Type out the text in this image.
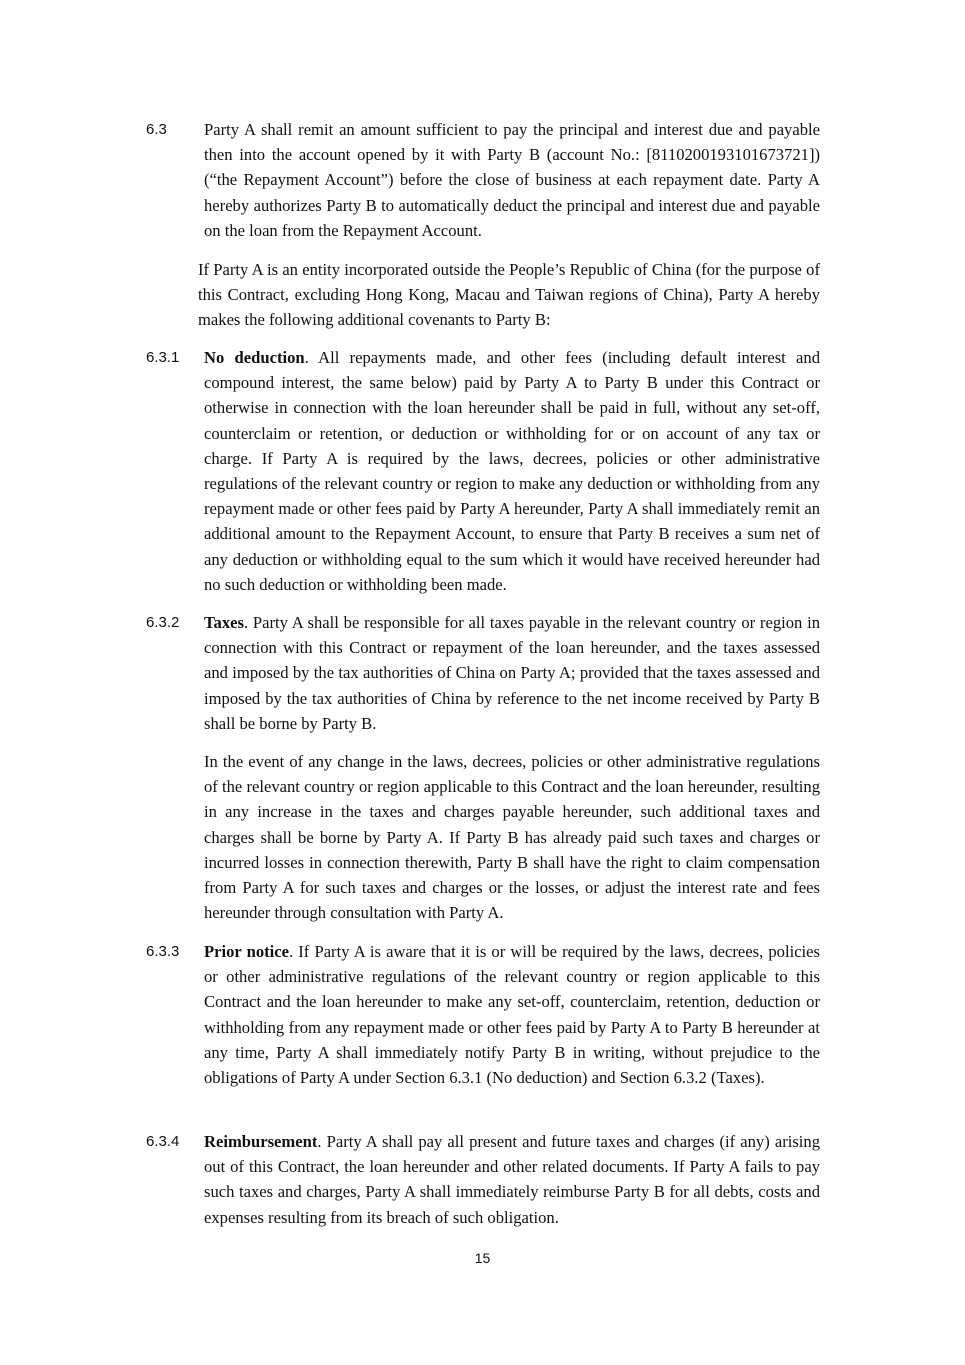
6.3 Party A shall remit an amount sufficient to pay the principal and interest due and payable then into the account opened by it with Party B (account No.: [8110200193101673721]) (“the Repayment Account”) before the close of business at each repayment date. Party A hereby authorizes Party B to automatically deduct the principal and interest due and payable on the loan from the Repayment Account.
If Party A is an entity incorporated outside the People’s Republic of China (for the purpose of this Contract, excluding Hong Kong, Macau and Taiwan regions of China), Party A hereby makes the following additional covenants to Party B:
6.3.1 No deduction. All repayments made, and other fees (including default interest and compound interest, the same below) paid by Party A to Party B under this Contract or otherwise in connection with the loan hereunder shall be paid in full, without any set-off, counterclaim or retention, or deduction or withholding for or on account of any tax or charge. If Party A is required by the laws, decrees, policies or other administrative regulations of the relevant country or region to make any deduction or withholding from any repayment made or other fees paid by Party A hereunder, Party A shall immediately remit an additional amount to the Repayment Account, to ensure that Party B receives a sum net of any deduction or withholding equal to the sum which it would have received hereunder had no such deduction or withholding been made.
6.3.2 Taxes. Party A shall be responsible for all taxes payable in the relevant country or region in connection with this Contract or repayment of the loan hereunder, and the taxes assessed and imposed by the tax authorities of China on Party A; provided that the taxes assessed and imposed by the tax authorities of China by reference to the net income received by Party B shall be borne by Party B.
In the event of any change in the laws, decrees, policies or other administrative regulations of the relevant country or region applicable to this Contract and the loan hereunder, resulting in any increase in the taxes and charges payable hereunder, such additional taxes and charges shall be borne by Party A. If Party B has already paid such taxes and charges or incurred losses in connection therewith, Party B shall have the right to claim compensation from Party A for such taxes and charges or the losses, or adjust the interest rate and fees hereunder through consultation with Party A.
6.3.3 Prior notice. If Party A is aware that it is or will be required by the laws, decrees, policies or other administrative regulations of the relevant country or region applicable to this Contract and the loan hereunder to make any set-off, counterclaim, retention, deduction or withholding from any repayment made or other fees paid by Party A to Party B hereunder at any time, Party A shall immediately notify Party B in writing, without prejudice to the obligations of Party A under Section 6.3.1 (No deduction) and Section 6.3.2 (Taxes).
6.3.4 Reimbursement. Party A shall pay all present and future taxes and charges (if any) arising out of this Contract, the loan hereunder and other related documents. If Party A fails to pay such taxes and charges, Party A shall immediately reimburse Party B for all debts, costs and expenses resulting from its breach of such obligation.
15
